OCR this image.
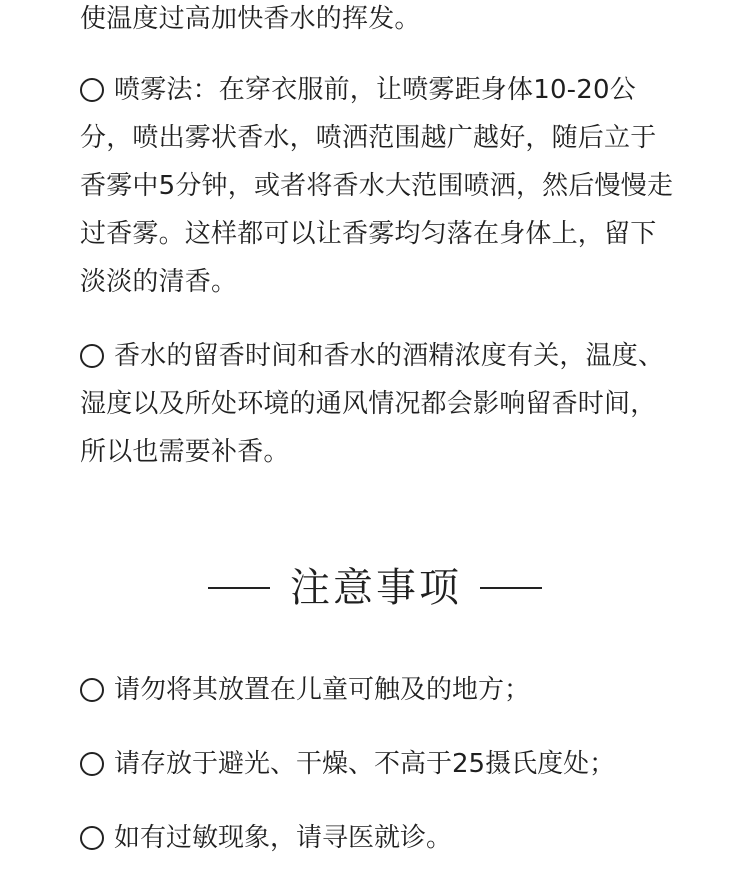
使温度过高加快香水的挥发。
喷雾法：在穿衣服前，让喷雾距身体10-20公分，喷出雾状香水，喷洒范围越广越好，随后立于香雾中5分钟，或者将香水大范围喷洒，然后慢慢走过香雾。这样都可以让香雾均匀落在身体上，留下淡淡的清香。
香水的留香时间和香水的酒精浓度有关，温度、湿度以及所处环境的通风情况都会影响留香时间，所以也需要补香。
注意事项
请勿将其放置在儿童可触及的地方；
请存放于避光、干燥、不高于25摄氏度处；
如有过敏现象，请寻医就诊。
